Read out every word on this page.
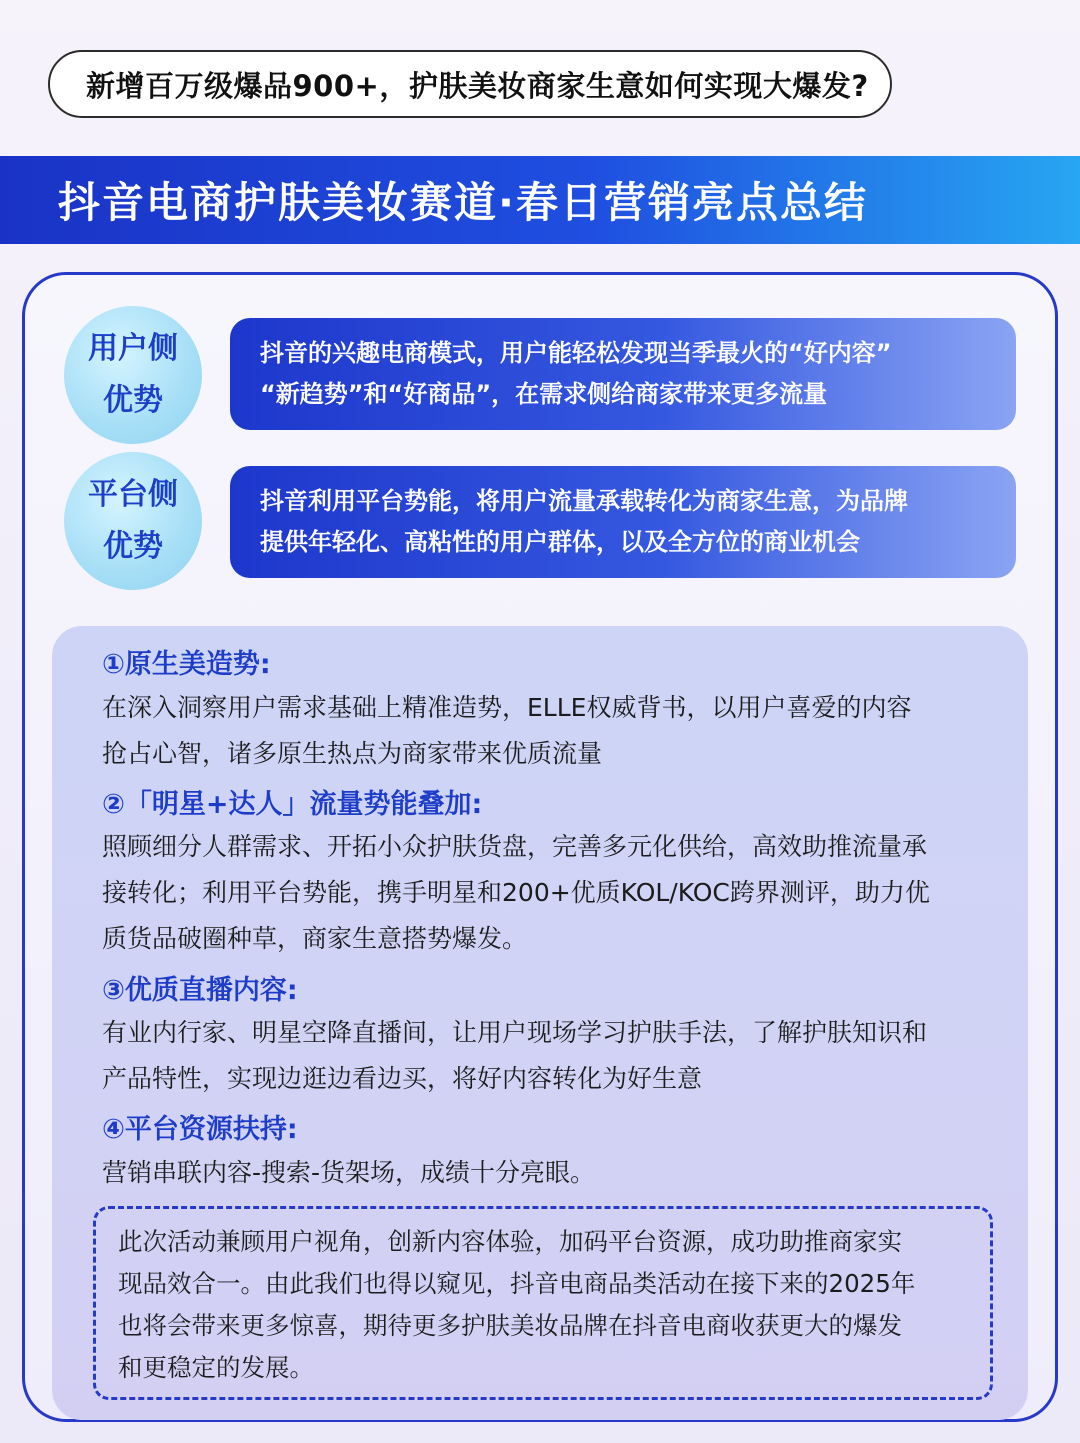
新增百万级爆品900+，护肤美妆商家生意如何实现大爆发?
抖音电商护肤美妆赛道·春日营销亮点总结
用户侧
优势
抖音的兴趣电商模式，用户能轻松发现当季最火的“好内容”
“新趋势”和“好商品”，在需求侧给商家带来更多流量
平台侧
优势
抖音利用平台势能，将用户流量承载转化为商家生意，为品牌
提供年轻化、高粘性的用户群体，以及全方位的商业机会
①原生美造势:
在深入洞察用户需求基础上精准造势，ELLE权威背书，以用户喜爱的内容
抢占心智，诸多原生热点为商家带来优质流量
②「明星+达人」流量势能叠加:
照顾细分人群需求、开拓小众护肤货盘，完善多元化供给，高效助推流量承
接转化；利用平台势能，携手明星和200+优质KOL/KOC跨界测评，助力优
质货品破圈种草，商家生意搭势爆发。
③优质直播内容:
有业内行家、明星空降直播间，让用户现场学习护肤手法，了解护肤知识和
产品特性，实现边逛边看边买，将好内容转化为好生意
④平台资源扶持:
营销串联内容-搜索-货架场，成绩十分亮眼。
此次活动兼顾用户视角，创新内容体验，加码平台资源，成功助推商家实
现品效合一。由此我们也得以窥见，抖音电商品类活动在接下来的2025年
也将会带来更多惊喜，期待更多护肤美妆品牌在抖音电商收获更大的爆发
和更稳定的发展。
